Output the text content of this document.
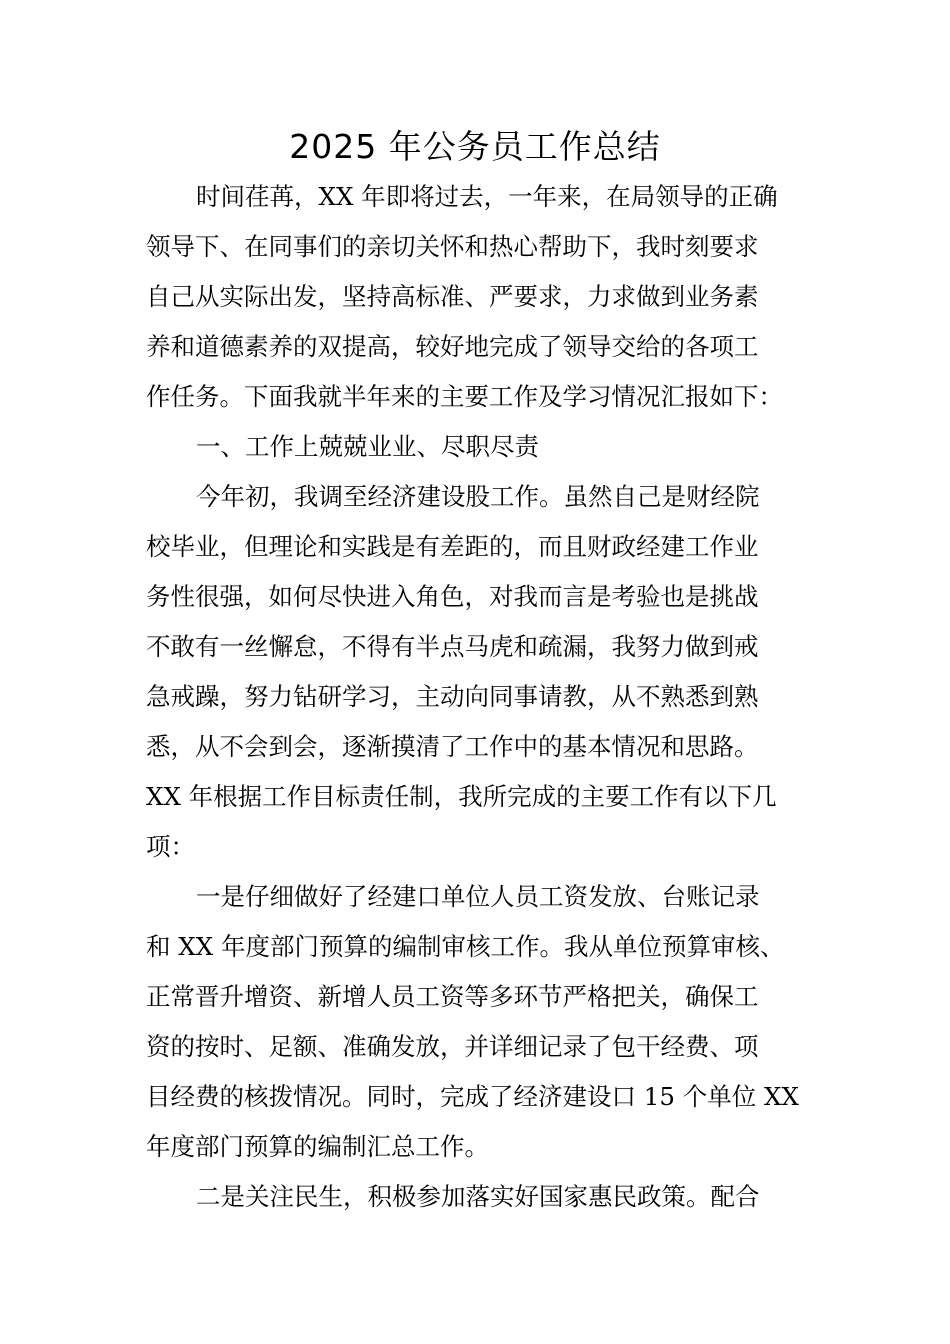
2025 年公务员工作总结
时间荏苒，XX 年即将过去，一年来，在局领导的正确
领导下、在同事们的亲切关怀和热心帮助下，我时刻要求
自己从实际出发，坚持高标准、严要求，力求做到业务素
养和道德素养的双提高，较好地完成了领导交给的各项工
作任务。下面我就半年来的主要工作及学习情况汇报如下：
一、工作上兢兢业业、尽职尽责
今年初，我调至经济建设股工作。虽然自己是财经院
校毕业，但理论和实践是有差距的，而且财政经建工作业
务性很强，如何尽快进入角色，对我而言是考验也是挑战
不敢有一丝懈怠，不得有半点马虎和疏漏，我努力做到戒
急戒躁，努力钻研学习，主动向同事请教，从不熟悉到熟
悉，从不会到会，逐渐摸清了工作中的基本情况和思路。
XX 年根据工作目标责任制，我所完成的主要工作有以下几
项：
一是仔细做好了经建口单位人员工资发放、台账记录
和 XX 年度部门预算的编制审核工作。我从单位预算审核、
正常晋升增资、新增人员工资等多环节严格把关，确保工
资的按时、足额、准确发放，并详细记录了包干经费、项
目经费的核拨情况。同时，完成了经济建设口 15 个单位 XX
年度部门预算的编制汇总工作。
二是关注民生，积极参加落实好国家惠民政策。配合
